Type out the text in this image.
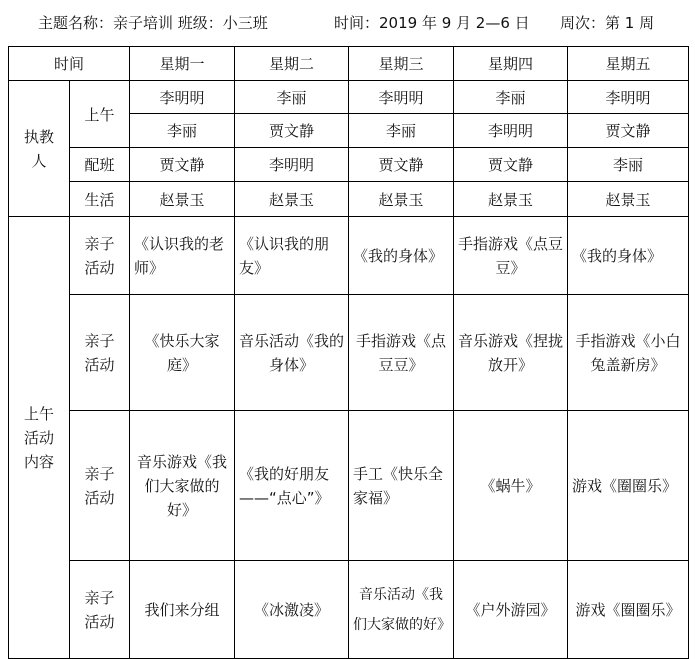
主题名称：亲子培训 班级：小三班	时间：2019 年 9 月 2—6 日 周次：第 1 周
时间		星期一	星期二	星期三	星期四	星期五

执教人	上午	李明明	李丽	李明明	李丽	李明明
		李丽	贾文静	李丽	李明明	贾文静
	配班	贾文静	李明明	贾文静	贾文静	李丽
	生活	赵景玉	赵景玉	赵景玉	赵景玉	赵景玉

上午活动内容	亲子活动	《认识我的老师》	《认识我的朋友》	《我的身体》	手指游戏《点豆豆》	《我的身体》

	亲子活动	《快乐大家庭》	音乐活动《我的身体》	手指游戏《点豆豆》	音乐游戏《捏拢放开》	手指游戏《小白兔盖新房》

	亲子活动	音乐游戏《我们大家做的好》	《我的好朋友——“点心”》	手工《快乐全家福》	《蜗牛》	游戏《圈圈乐》

	亲子活动	我们来分组	《冰激凌》	音乐活动《我们大家做的好》	《户外游园》	游戏《圈圈乐》
